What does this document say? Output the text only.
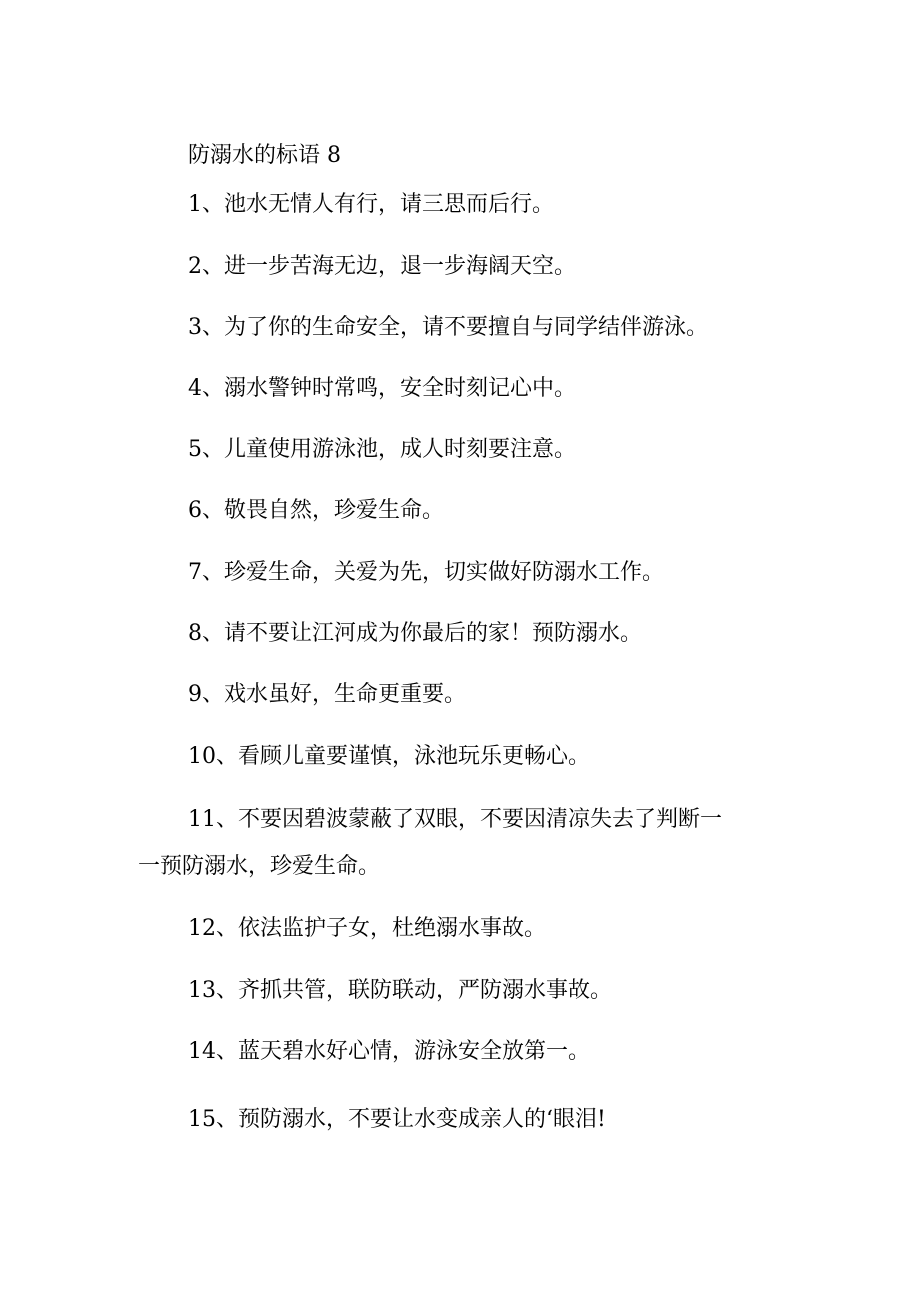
防溺水的标语 8
1、池水无情人有行，请三思而后行。
2、进一步苦海无边，退一步海阔天空。
3、为了你的生命安全，请不要擅自与同学结伴游泳。
4、溺水警钟时常鸣，安全时刻记心中。
5、儿童使用游泳池，成人时刻要注意。
6、敬畏自然，珍爱生命。
7、珍爱生命，关爱为先，切实做好防溺水工作。
8、请不要让江河成为你最后的家！预防溺水。
9、戏水虽好，生命更重要。
10、看顾儿童要谨慎，泳池玩乐更畅心。
11、不要因碧波蒙蔽了双眼，不要因清凉失去了判断一
一预防溺水，珍爱生命。
12、依法监护子女，杜绝溺水事故。
13、齐抓共管，联防联动，严防溺水事故。
14、蓝天碧水好心情，游泳安全放第一。
15、预防溺水，不要让水变成亲人的‘眼泪!
